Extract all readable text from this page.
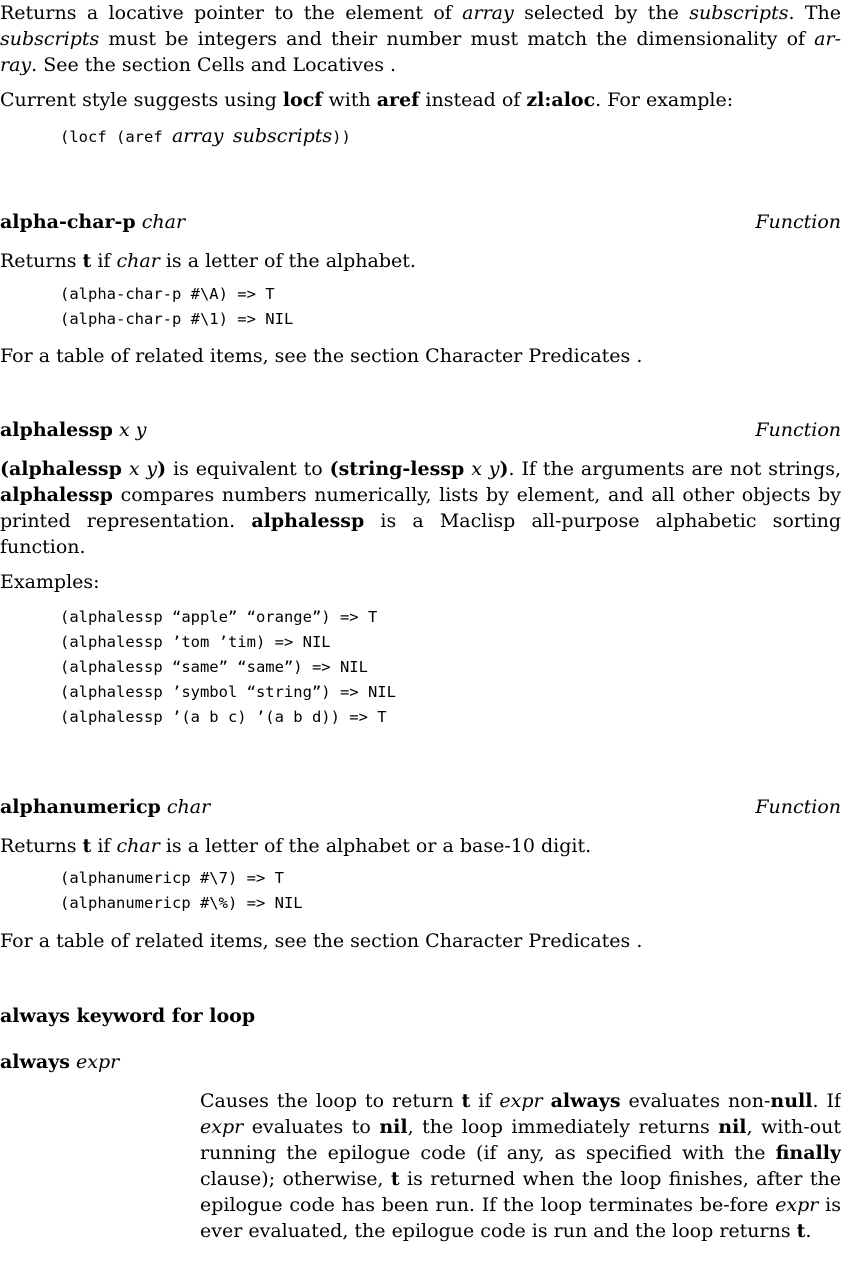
Returns a locative pointer to the element of array selected by the subscripts. The subscripts must be integers and their number must match the dimensionality of ar-ray. See the section Cells and Locatives .

Current style suggests using locf with aref instead of zl:aloc. For example:

(locf (aref array subscripts))
alpha-char-p char	Function

Returns t if char is a letter of the alphabet.

(alpha-char-p #\A) => T
(alpha-char-p #\1) => NIL

For a table of related items, see the section Character Predicates .

alphalessp x y	Function

(alphalessp x y) is equivalent to (string-lessp x y). If the arguments are not strings, alphalessp compares numbers numerically, lists by element, and all other objects by printed representation. alphalessp is a Maclisp all-purpose alphabetic sorting function.

Examples:

(alphalessp “apple” “orange”) => T
(alphalessp ’tom ’tim) => NIL
(alphalessp “same” “same”) => NIL
(alphalessp ’symbol “string”) => NIL
(alphalessp ’(a b c) ’(a b d)) => T
alphanumericp char	Function

Returns t if char is a letter of the alphabet or a base-10 digit.

(alphanumericp #\7) => T
(alphanumericp #\%) => NIL

For a table of related items, see the section Character Predicates .

always keyword for loop
always expr

Causes the loop to return t if expr always evaluates non-null. If expr evaluates to nil, the loop immediately returns nil, with-out running the epilogue code (if any, as specified with the finally clause); otherwise, t is returned when the loop finishes, after the epilogue code has been run. If the loop terminates be-fore expr is ever evaluated, the epilogue code is run and the loop returns t.
